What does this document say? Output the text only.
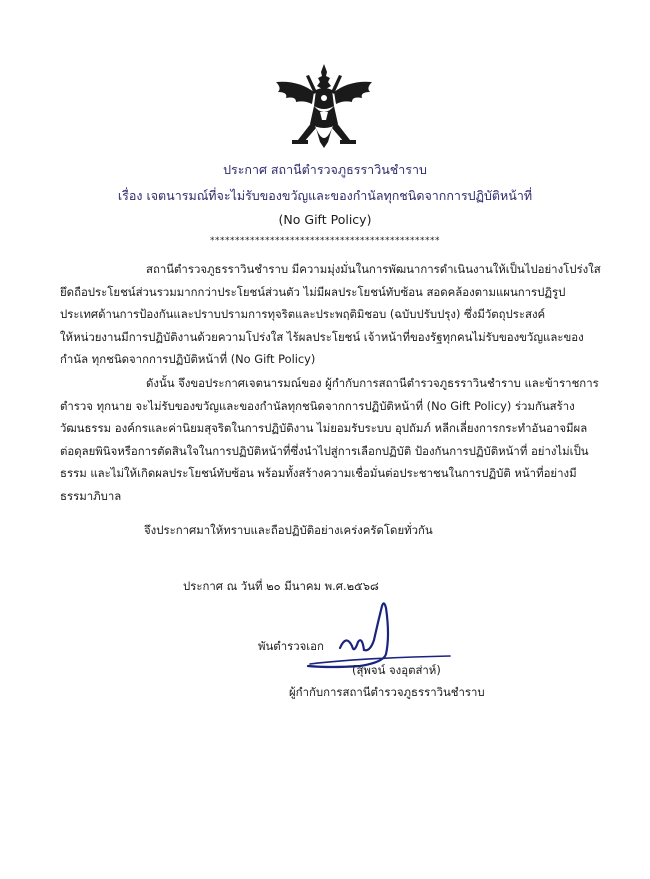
ประกาศ สถานีตำรวจภูธรราวินชำราบ
เรื่อง เจตนารมณ์ที่จะไม่รับของขวัญและของกำนัลทุกชนิดจากการปฏิบัติหน้าที่
(No Gift Policy)
**********************************************
สถานีตำรวจภูธรราวินชำราบ มีความมุ่งมั่นในการพัฒนาการดำเนินงานให้เป็นไปอย่างโปร่งใส
ยึดถือประโยชน์ส่วนรวมมากกว่าประโยชน์ส่วนตัว ไม่มีผลประโยชน์ทับซ้อน สอดคล้องตามแผนการปฏิรูป
ประเทศด้านการป้องกันและปราบปรามการทุจริตและประพฤติมิชอบ (ฉบับปรับปรุง) ซึ่งมีวัตถุประสงค์
ให้หน่วยงานมีการปฏิบัติงานด้วยความโปร่งใส ไร้ผลประโยชน์ เจ้าหน้าที่ของรัฐทุกคนไม่รับของขวัญและของ
กำนัล ทุกชนิดจากการปฏิบัติหน้าที่ (No Gift Policy)
ดังนั้น จึงขอประกาศเจตนารมณ์ของ ผู้กำกับการสถานีตำรวจภูธรราวินชำราบ และข้าราชการ
ตำรวจ ทุกนาย จะไม่รับของขวัญและของกำนัลทุกชนิดจากการปฏิบัติหน้าที่ (No Gift Policy) ร่วมกันสร้าง
วัฒนธรรม องค์กรและค่านิยมสุจริตในการปฏิบัติงาน ไม่ยอมรับระบบ อุปถัมภ์ หลีกเลี่ยงการกระทำอันอาจมีผล
ต่อดุลยพินิจหรือการตัดสินใจในการปฏิบัติหน้าที่ซึ่งนำไปสู่การเลือกปฏิบัติ ป้องกันการปฏิบัติหน้าที่ อย่างไม่เป็น
ธรรม และไม่ให้เกิดผลประโยชน์ทับซ้อน พร้อมทั้งสร้างความเชื่อมั่นต่อประชาชนในการปฏิบัติ หน้าที่อย่างมี
ธรรมาภิบาล
จึงประกาศมาให้ทราบและถือปฏิบัติอย่างเคร่งครัดโดยทั่วกัน
ประกาศ ณ วันที่ ๒๐ มีนาคม พ.ศ.๒๕๖๘
พันตำรวจเอก
(สุพจน์ จงอุตส่าห์)
ผู้กำกับการสถานีตำรวจภูธรราวินชำราบ
